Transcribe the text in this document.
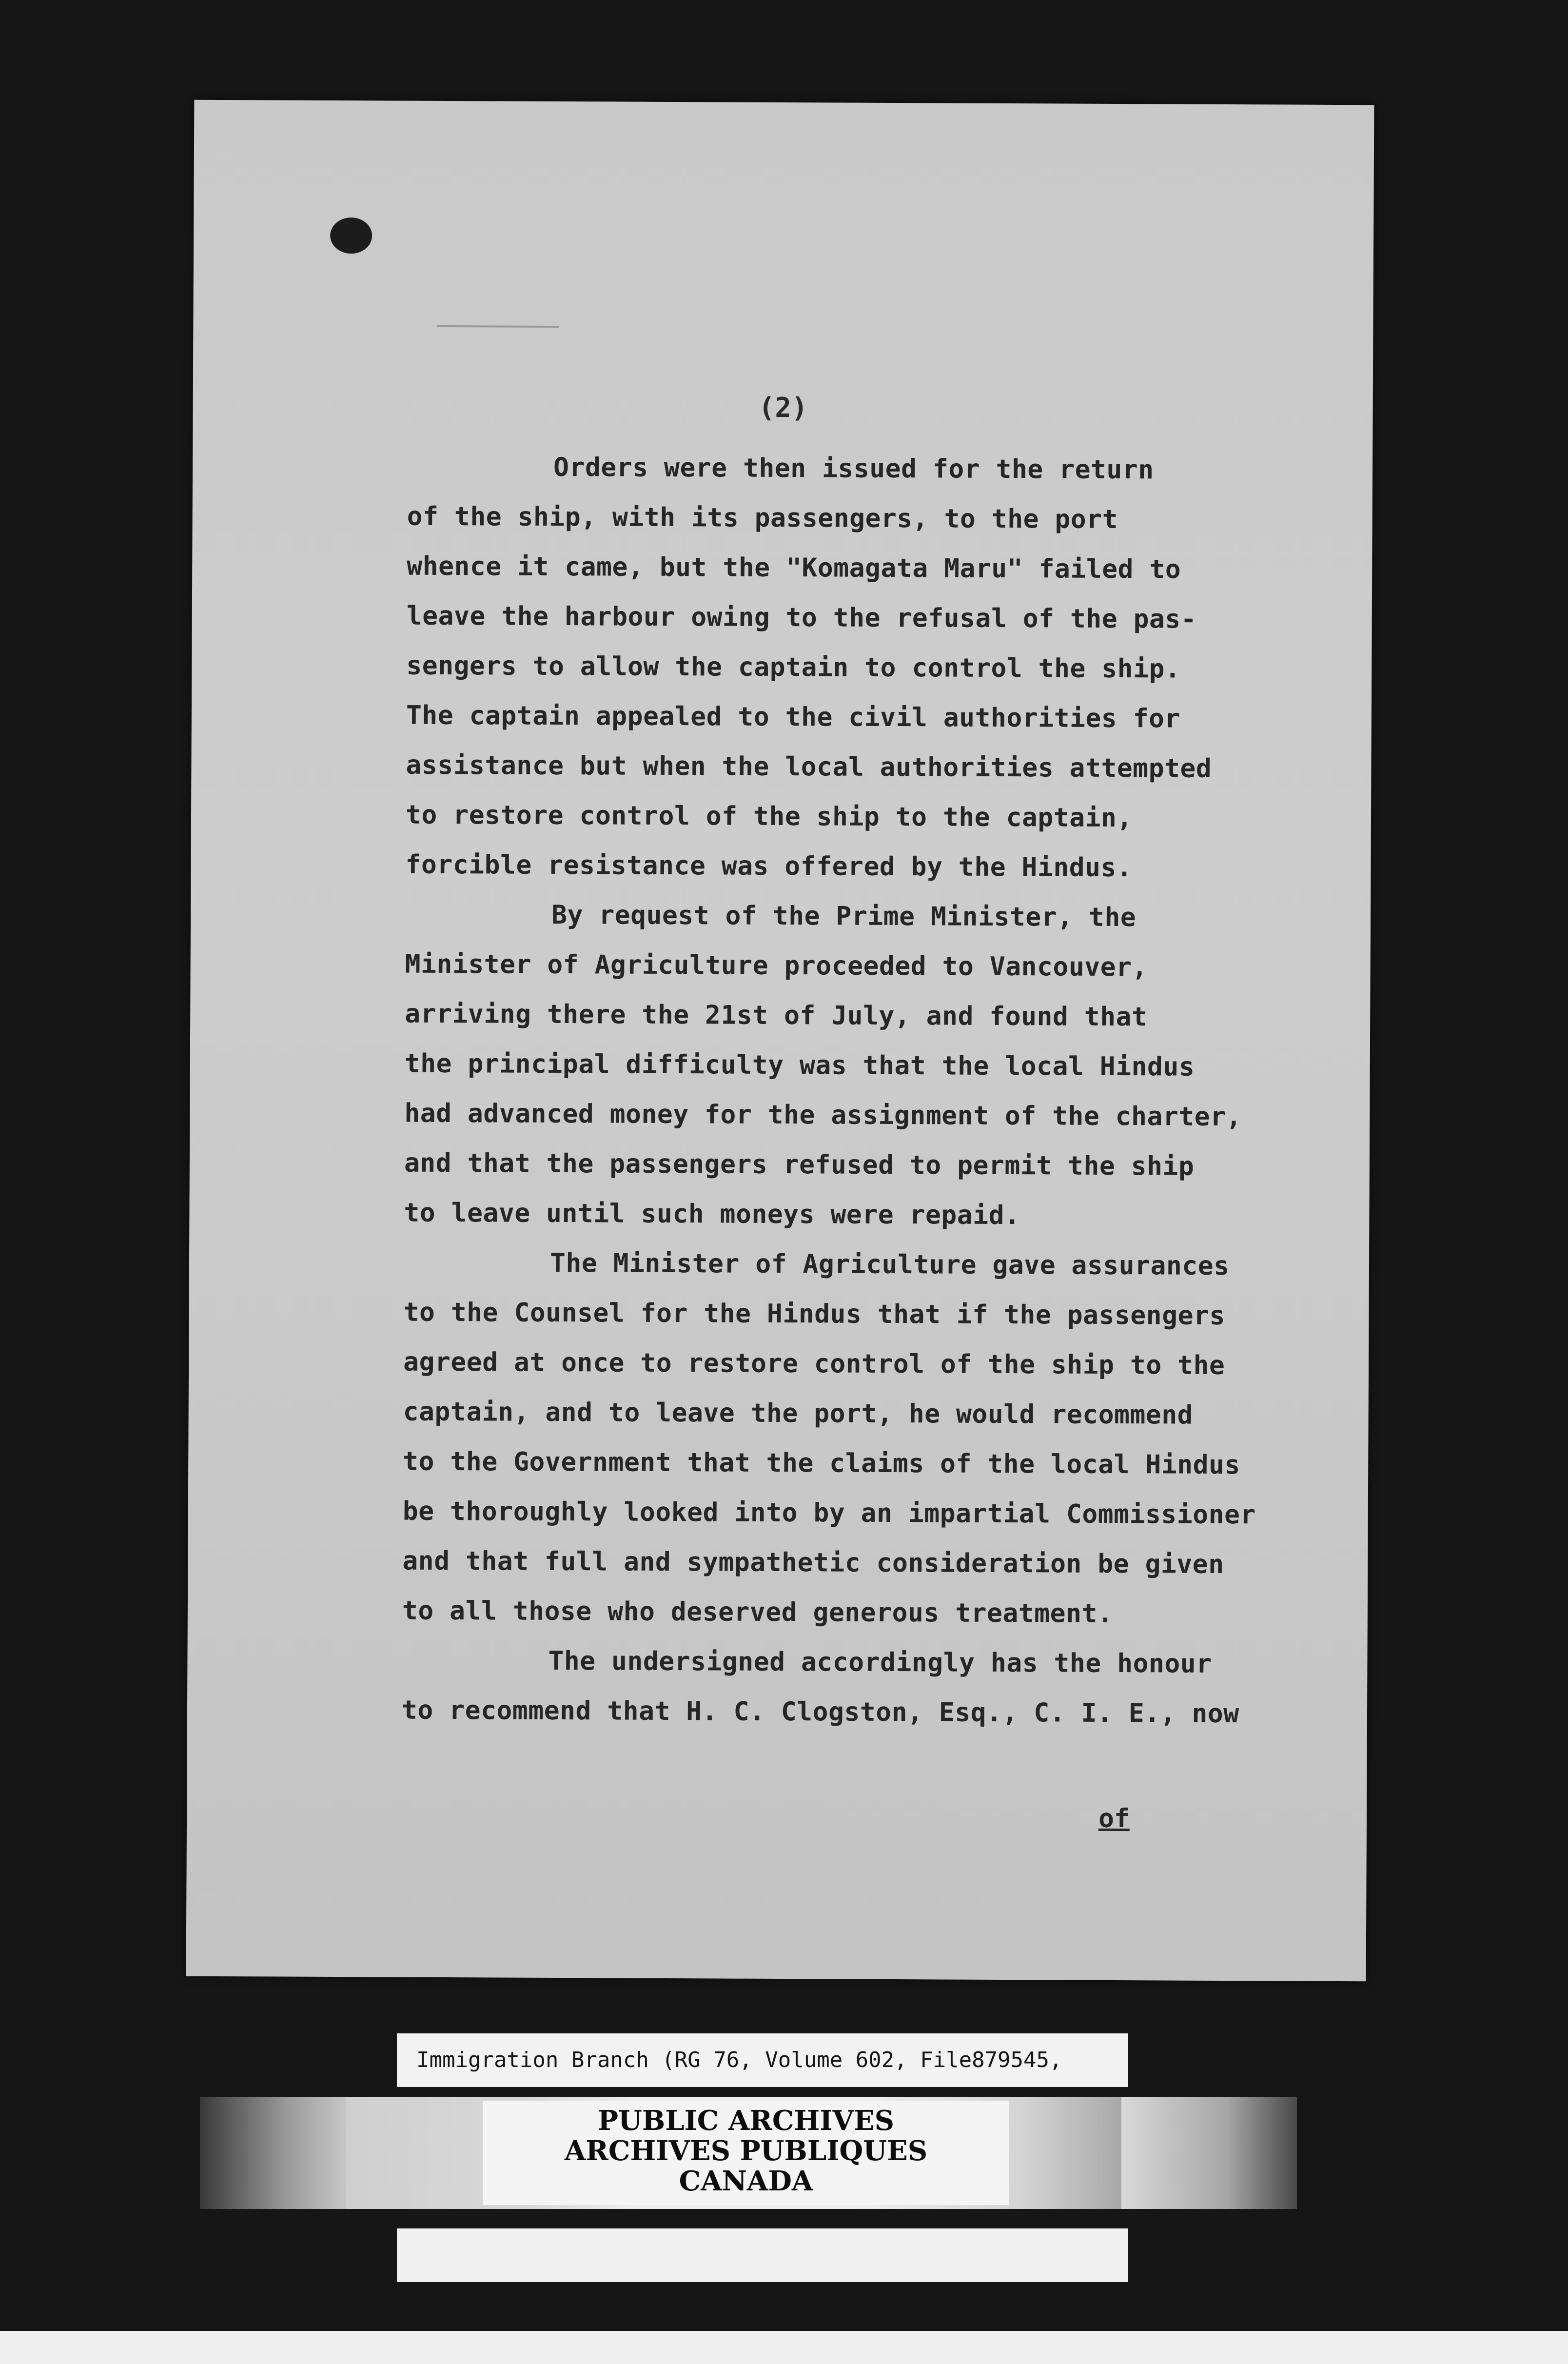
(2)
Orders were then issued for the return
of the ship, with its passengers, to the port
whence it came, but the "Komagata Maru" failed to
leave the harbour owing to the refusal of the pas-
sengers to allow the captain to control the ship.
The captain appealed to the civil authorities for
assistance but when the local authorities attempted
to restore control of the ship to the captain,
forcible resistance was offered by the Hindus.
By request of the Prime Minister, the
Minister of Agriculture proceeded to Vancouver,
arriving there the 21st of July, and found that
the principal difficulty was that the local Hindus
had advanced money for the assignment of the charter,
and that the passengers refused to permit the ship
to leave until such moneys were repaid.
The Minister of Agriculture gave assurances
to the Counsel for the Hindus that if the passengers
agreed at once to restore control of the ship to the
captain, and to leave the port, he would recommend
to the Government that the claims of the local Hindus
be thoroughly looked into by an impartial Commissioner
and that full and sympathetic consideration be given
to all those who deserved generous treatment.
The undersigned accordingly has the honour
to recommend that H. C. Clogston, Esq., C. I. E., now
of
Immigration Branch (RG 76, Volume 602, File879545,
PUBLIC ARCHIVES
ARCHIVES PUBLIQUES
CANADA
